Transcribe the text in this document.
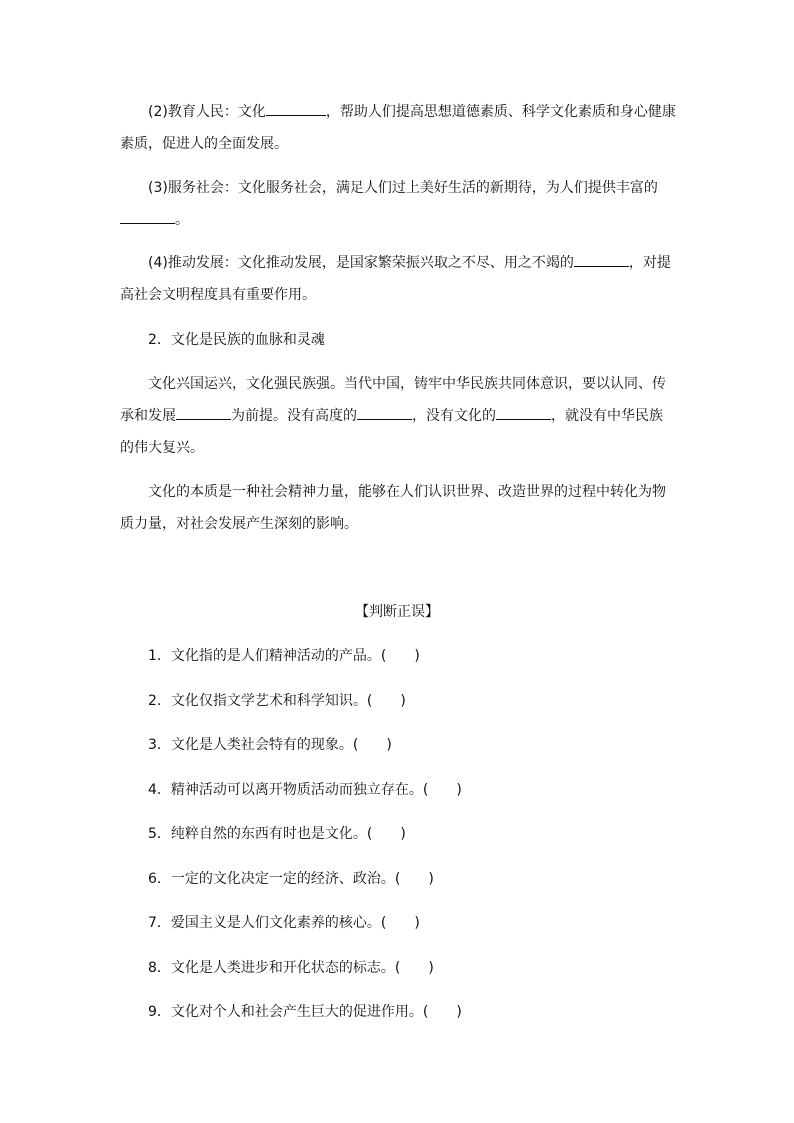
(2)教育人民：文化	，帮助人们提高思想道德素质、科学文化素质和身心健康素质，促进人的全面发展。

(3)服务社会：文化服务社会，满足人们过上美好生活的新期待，为人们提供丰富的。

(4)推动发展：文化推动发展，是国家繁荣振兴取之不尽、用之不竭的	，对提高社会文明程度具有重要作用。

2．文化是民族的血脉和灵魂

文化兴国运兴，文化强民族强。当代中国，铸牢中华民族共同体意识，要以认同、传承和发展	为前提。没有高度的	，没有文化的	，就没有中华民族的伟大复兴。

文化的本质是一种社会精神力量，能够在人们认识世界、改造世界的过程中转化为物质力量，对社会发展产生深刻的影响。

【判断正误】
1．文化指的是人们精神活动的产品。(　　)
2．文化仅指文学艺术和科学知识。(　　)
3．文化是人类社会特有的现象。(　　)
4．精神活动可以离开物质活动而独立存在。(　　)
5．纯粹自然的东西有时也是文化。(　　)
6．一定的文化决定一定的经济、政治。(　　)
7．爱国主义是人们文化素养的核心。(　　)
8．文化是人类进步和开化状态的标志。(　　)
9．文化对个人和社会产生巨大的促进作用。(　　)
